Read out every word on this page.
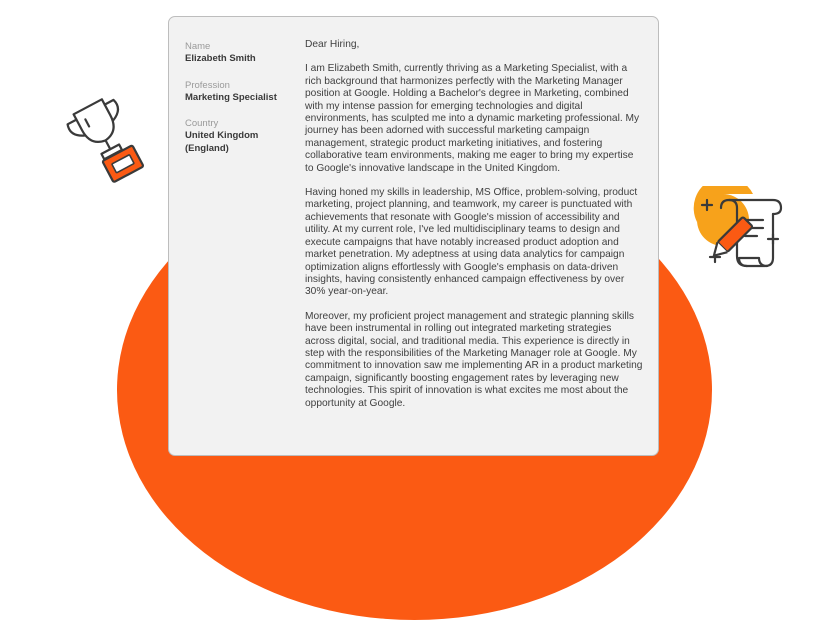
Name
Elizabeth Smith
Profession
Marketing Specialist
Country
United Kingdom (England)

Dear Hiring,

I am Elizabeth Smith, currently thriving as a Marketing Specialist, with a rich background that harmonizes perfectly with the Marketing Manager position at Google. Holding a Bachelor's degree in Marketing, combined with my intense passion for emerging technologies and digital environments, has sculpted me into a dynamic marketing professional. My journey has been adorned with successful marketing campaign management, strategic product marketing initiatives, and fostering collaborative team environments, making me eager to bring my expertise to Google's innovative landscape in the United Kingdom.

Having honed my skills in leadership, MS Office, problem-solving, product marketing, project planning, and teamwork, my career is punctuated with achievements that resonate with Google's mission of accessibility and utility. At my current role, I've led multidisciplinary teams to design and execute campaigns that have notably increased product adoption and market penetration. My adeptness at using data analytics for campaign optimization aligns effortlessly with Google's emphasis on data-driven insights, having consistently enhanced campaign effectiveness by over 30% year-on-year.

Moreover, my proficient project management and strategic planning skills have been instrumental in rolling out integrated marketing strategies across digital, social, and traditional media. This experience is directly in step with the responsibilities of the Marketing Manager role at Google. My commitment to innovation saw me implementing AR in a product marketing campaign, significantly boosting engagement rates by leveraging new technologies. This spirit of innovation is what excites me most about the opportunity at Google.
